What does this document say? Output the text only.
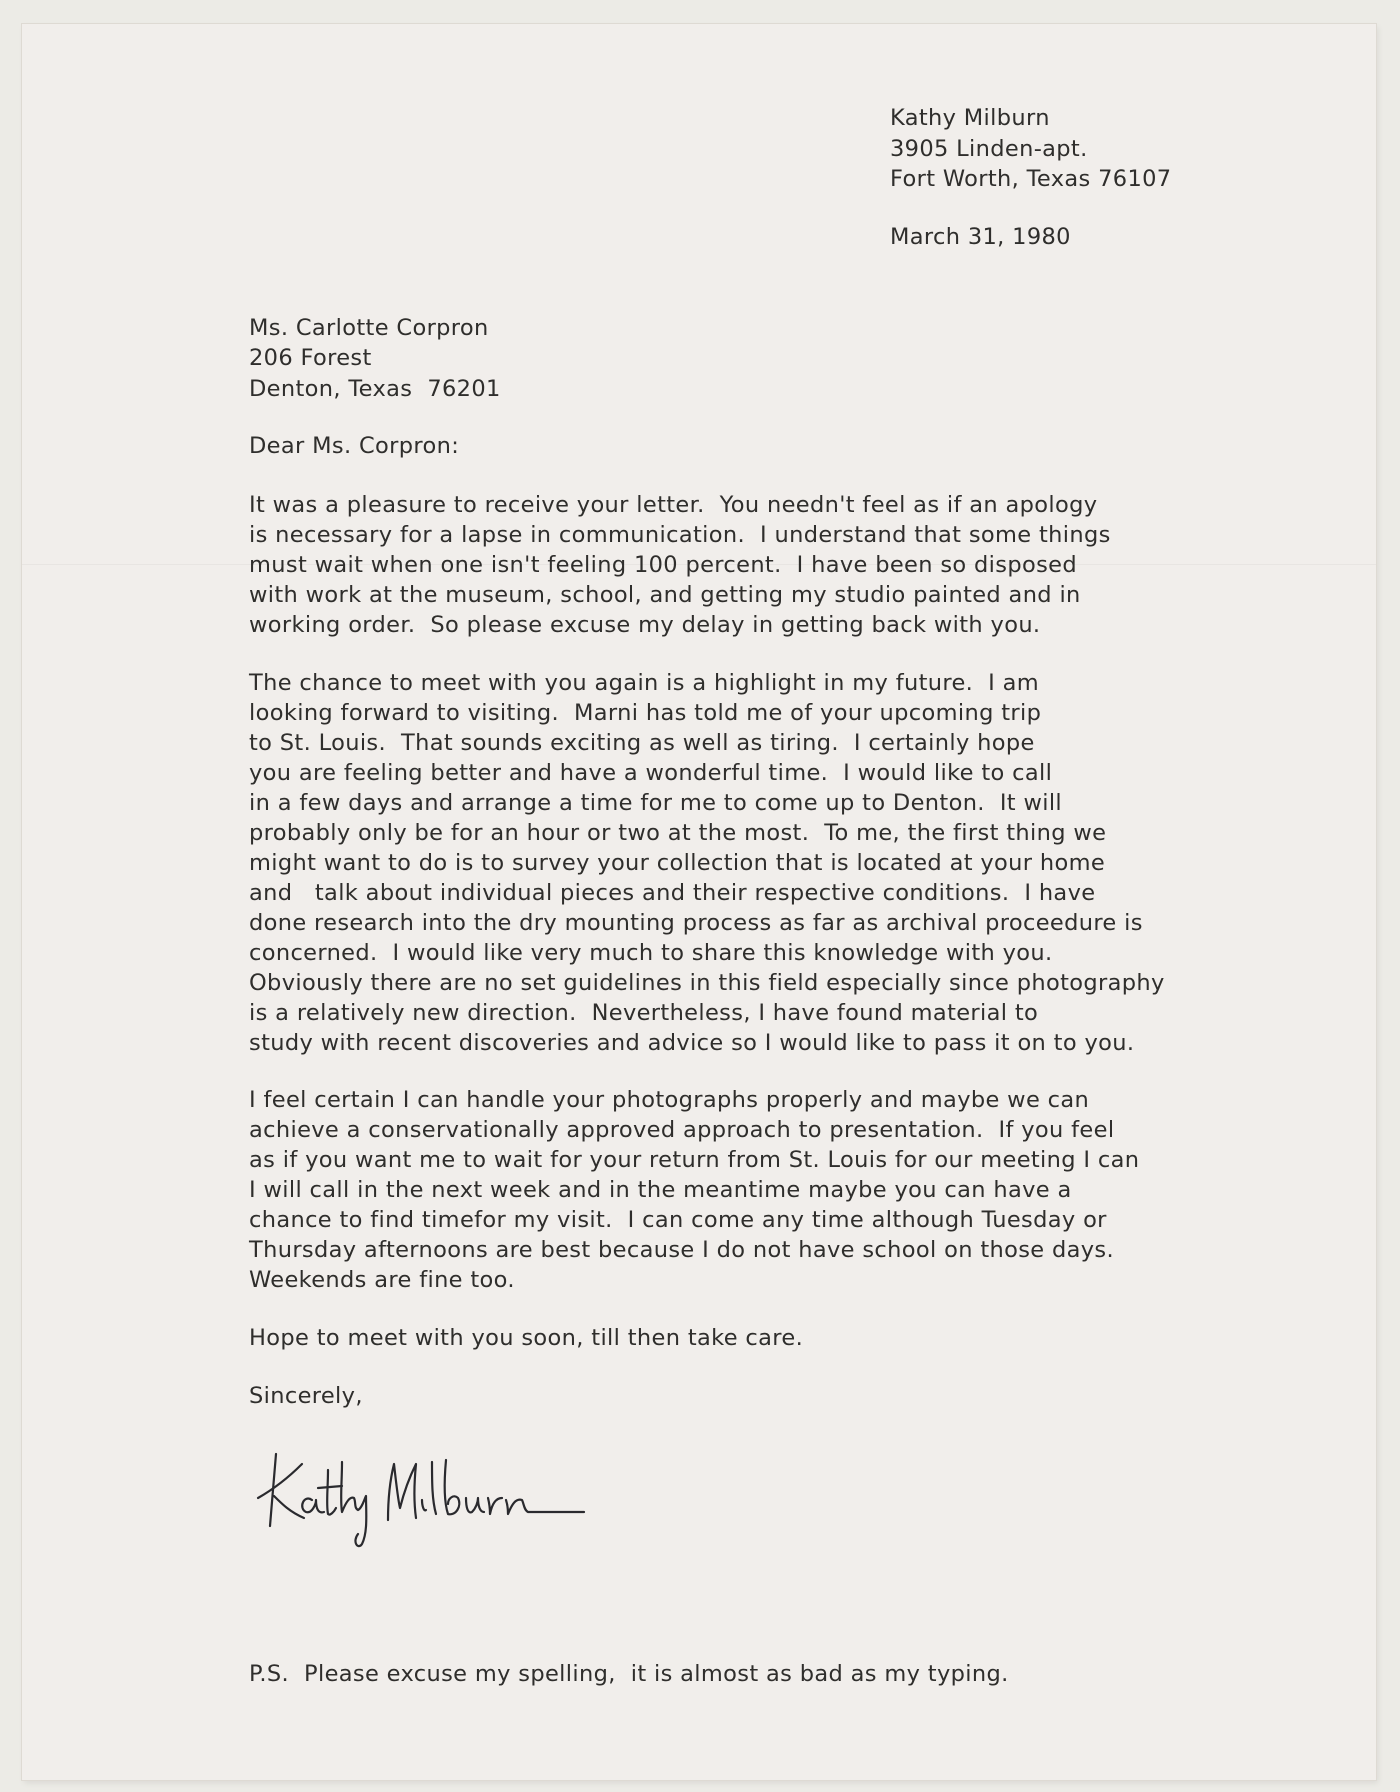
Kathy Milburn
3905 Linden-apt.
Fort Worth, Texas 76107
March 31, 1980
Ms. Carlotte Corpron
206 Forest
Denton, Texas  76201
Dear Ms. Corpron:
It was a pleasure to receive your letter.  You needn't feel as if an apology
is necessary for a lapse in communication.  I understand that some things
must wait when one isn't feeling 100 percent.  I have been so disposed
with work at the museum, school, and getting my studio painted and in
working order.  So please excuse my delay in getting back with you.
The chance to meet with you again is a highlight in my future.  I am
looking forward to visiting.  Marni has told me of your upcoming trip
to St. Louis.  That sounds exciting as well as tiring.  I certainly hope
you are feeling better and have a wonderful time.  I would like to call
in a few days and arrange a time for me to come up to Denton.  It will
probably only be for an hour or two at the most.  To me, the first thing we
might want to do is to survey your collection that is located at your home
and   talk about individual pieces and their respective conditions.  I have
done research into the dry mounting process as far as archival proceedure is
concerned.  I would like very much to share this knowledge with you.
Obviously there are no set guidelines in this field especially since photography
is a relatively new direction.  Nevertheless, I have found material to
study with recent discoveries and advice so I would like to pass it on to you.
I feel certain I can handle your photographs properly and maybe we can
achieve a conservationally approved approach to presentation.  If you feel
as if you want me to wait for your return from St. Louis for our meeting I can
I will call in the next week and in the meantime maybe you can have a
chance to find timefor my visit.  I can come any time although Tuesday or
Thursday afternoons are best because I do not have school on those days.
Weekends are fine too.
Hope to meet with you soon, till then take care.
Sincerely,
P.S.  Please excuse my spelling,  it is almost as bad as my typing.
